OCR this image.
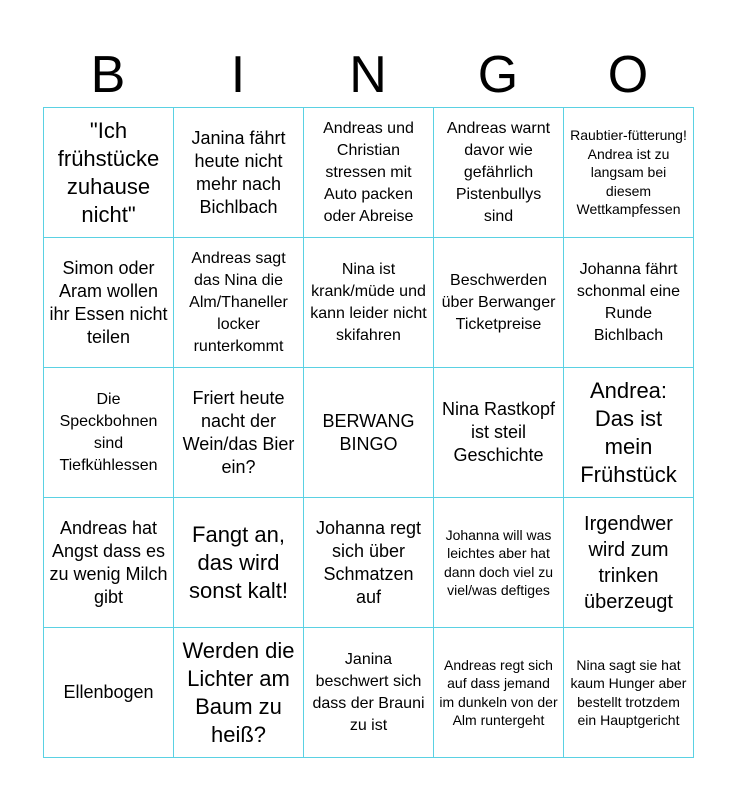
B	I	N	G	O
"Ich frühstücke zuhause nicht"
Janina fährt heute nicht mehr nach Bichlbach
Andreas und Christian stressen mit Auto packen oder Abreise
Andreas warnt davor wie gefährlich Pistenbullys sind
Raubtier-fütterung! Andrea ist zu langsam bei diesem Wettkampfessen
Simon oder Aram wollen ihr Essen nicht teilen
Andreas sagt das Nina die Alm/Thaneller locker runterkommt
Nina ist krank/müde und kann leider nicht skifahren
Beschwerden über Berwanger Ticketpreise
Johanna fährt schonmal eine Runde Bichlbach
Die Speckbohnen sind Tiefkühlessen
Friert heute nacht der Wein/das Bier ein?
BERWANG BINGO
Nina Rastkopf ist steil Geschichte
Andrea: Das ist mein Frühstück
Andreas hat Angst dass es zu wenig Milch gibt
Fangt an, das wird sonst kalt!
Johanna regt sich über Schmatzen auf
Johanna will was leichtes aber hat dann doch viel zu viel/was deftiges
Irgendwer wird zum trinken überzeugt
Ellenbogen
Werden die Lichter am Baum zu heiß?
Janina beschwert sich dass der Brauni zu ist
Andreas regt sich auf dass jemand im dunkeln von der Alm runtergeht
Nina sagt sie hat kaum Hunger aber bestellt trotzdem ein Hauptgericht
